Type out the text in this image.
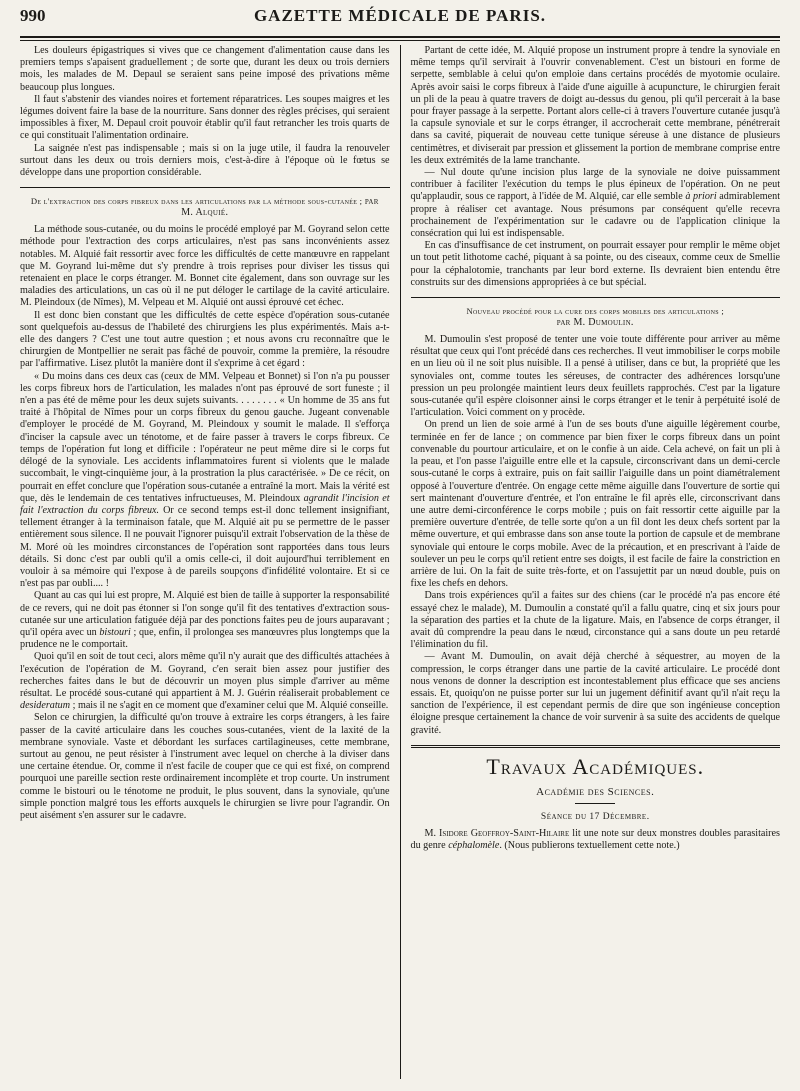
990	GAZETTE MÉDICALE DE PARIS.

Les douleurs épigastriques si vives que ce changement d'alimentation cause dans les premiers temps s'apaisent graduellement ; de sorte que, durant les deux ou trois derniers mois, les malades de M. Depaul se seraient sans peine imposé des privations même beaucoup plus longues.

Il faut s'abstenir des viandes noires et fortement réparatrices. Les soupes maigres et les légumes doivent faire la base de la nourriture. Sans donner des règles précises, qui seraient impossibles à fixer, M. Depaul croit pouvoir établir qu'il faut retrancher les trois quarts de ce qui constituait l'alimentation ordinaire.

La saignée n'est pas indispensable ; mais si on la juge utile, il faudra la renouveler surtout dans les deux ou trois derniers mois, c'est-à-dire à l'époque où le fœtus se développe dans une proportion considérable.

De l'extraction des corps fibreux dans les articulations par la méthode sous-cutanée ; par M. Alquié.

La méthode sous-cutanée, ou du moins le procédé employé par M. Goyrand selon cette méthode pour l'extraction des corps articulaires, n'est pas sans inconvénients assez notables. M. Alquié fait ressortir avec force les difficultés de cette manœuvre en rappelant que M. Goyrand lui-même dut s'y prendre à trois reprises pour diviser les tissus qui retenaient en place le corps étranger. M. Bonnet cite également, dans son ouvrage sur les maladies des articulations, un cas où il ne put déloger le cartilage de la cavité articulaire. M. Pleindoux (de Nîmes), M. Velpeau et M. Alquié ont aussi éprouvé cet échec.

Il est donc bien constant que les difficultés de cette espèce d'opération sous-cutanée sont quelquefois au-dessus de l'habileté des chirurgiens les plus expérimentés. Mais a-t-elle des dangers ? C'est une tout autre question ; et nous avons cru reconnaître que le chirurgien de Montpellier ne serait pas fâché de pouvoir, comme la première, la résoudre par l'affirmative. Lisez plutôt la manière dont il s'exprime à cet égard :

« Du moins dans ces deux cas (ceux de MM. Velpeau et Bonnet) si l'on n'a pu pousser les corps fibreux hors de l'articulation, les malades n'ont pas éprouvé de sort funeste ; il n'en a pas été de même pour les deux sujets suivants. . . . . . . . « Un homme de 35 ans fut traité à l'hôpital de Nîmes pour un corps fibreux du genou gauche. Jugeant convenable d'employer le procédé de M. Goyrand, M. Pleindoux y soumit le malade. Il s'efforça d'inciser la capsule avec un ténotome, et de faire passer à travers le corps fibreux. Ce temps de l'opération fut long et difficile : l'opérateur ne peut même dire si le corps fut délogé de la synoviale. Les accidents inflammatoires furent si violents que le malade succombait, le vingt-cinquième jour, à la prostration la plus caractérisée. » De ce récit, on pourrait en effet conclure que l'opération sous-cutanée a entraîné la mort. Mais la vérité est que, dès le lendemain de ces tentatives infructueuses, M. Pleindoux agrandit l'incision et fait l'extraction du corps fibreux. Or ce second temps est-il donc tellement insignifiant, tellement étranger à la terminaison fatale, que M. Alquié ait pu se permettre de le passer entièrement sous silence. Il ne pouvait l'ignorer puisqu'il extrait l'observation de la thèse de M. Moré où les moindres circonstances de l'opération sont rapportées dans tous leurs détails. Si donc c'est par oubli qu'il a omis celle-ci, il doit aujourd'hui terriblement en vouloir à sa mémoire qui l'expose à de pareils soupçons d'infidélité volontaire. Et si ce n'est pas par oubli.... !

Quant au cas qui lui est propre, M. Alquié est bien de taille à supporter la responsabilité de ce revers, qui ne doit pas étonner si l'on songe qu'il fit des tentatives d'extraction sous-cutanée sur une articulation fatiguée déjà par des ponctions faites peu de jours auparavant ; qu'il opéra avec un bistouri ; que, enfin, il prolongea ses manœuvres plus longtemps que la prudence ne le comportait.

Quoi qu'il en soit de tout ceci, alors même qu'il n'y aurait que des difficultés attachées à l'exécution de l'opération de M. Goyrand, c'en serait bien assez pour justifier des recherches faites dans le but de découvrir un moyen plus simple d'arriver au même résultat. Le procédé sous-cutané qui appartient à M. J. Guérin réaliserait probablement ce desideratum ; mais il ne s'agit en ce moment que d'examiner celui que M. Alquié conseille.

Selon ce chirurgien, la difficulté qu'on trouve à extraire les corps étrangers, à les faire passer de la cavité articulaire dans les couches sous-cutanées, vient de la laxité de la membrane synoviale. Vaste et débordant les surfaces cartilagineuses, cette membrane, surtout au genou, ne peut résister à l'instrument avec lequel on cherche à la diviser dans une certaine étendue. Or, comme il n'est facile de couper que ce qui est fixé, on comprend pourquoi une pareille section reste ordinairement incomplète et trop courte. Un instrument comme le bistouri ou le ténotome ne produit, le plus souvent, dans la synoviale, qu'une simple ponction malgré tous les efforts auxquels le chirurgien se livre pour l'agrandir. On peut aisément s'en assurer sur le cadavre.

Partant de cette idée, M. Alquié propose un instrument propre à tendre la synoviale en même temps qu'il servirait à l'ouvrir convenablement. C'est un bistouri en forme de serpette, semblable à celui qu'on emploie dans certains procédés de myotomie oculaire. Après avoir saisi le corps fibreux à l'aide d'une aiguille à acupuncture, le chirurgien ferait un pli de la peau à quatre travers de doigt au-dessus du genou, pli qu'il percerait à la base pour frayer passage à la serpette. Portant alors celle-ci à travers l'ouverture cutanée jusqu'à la capsule synoviale et sur le corps étranger, il accrocherait cette membrane, pénétrerait dans sa cavité, piquerait de nouveau cette tunique séreuse à une distance de plusieurs centimètres, et diviserait par pression et glissement la portion de membrane comprise entre les deux extrémités de la lame tranchante.

— Nul doute qu'une incision plus large de la synoviale ne doive puissamment contribuer à faciliter l'exécution du temps le plus épineux de l'opération. On ne peut qu'applaudir, sous ce rapport, à l'idée de M. Alquié, car elle semble à priori admirablement propre à réaliser cet avantage. Nous présumons par conséquent qu'elle recevra prochainement de l'expérimentation sur le cadavre ou de l'application clinique la consécration qui lui est indispensable.

En cas d'insuffisance de cet instrument, on pourrait essayer pour remplir le même objet un tout petit lithotome caché, piquant à sa pointe, ou des ciseaux, comme ceux de Smellie pour la céphalotomie, tranchants par leur bord externe. Ils devraient bien entendu être construits sur des dimensions appropriées à ce but spécial.

Nouveau procédé pour la cure des corps mobiles des articulations ;
par M. Dumoulin.

M. Dumoulin s'est proposé de tenter une voie toute différente pour arriver au même résultat que ceux qui l'ont précédé dans ces recherches. Il veut immobiliser le corps mobile en un lieu où il ne soit plus nuisible. Il a pensé à utiliser, dans ce but, la propriété que les synoviales ont, comme toutes les séreuses, de contracter des adhérences lorsqu'une pression un peu prolongée maintient leurs deux feuillets rapprochés. C'est par la ligature sous-cutanée qu'il espère cloisonner ainsi le corps étranger et le tenir à perpétuité isolé de l'articulation. Voici comment on y procède.

On prend un lien de soie armé à l'un de ses bouts d'une aiguille légèrement courbe, terminée en fer de lance ; on commence par bien fixer le corps fibreux dans un point convenable du pourtour articulaire, et on le confie à un aide. Cela achevé, on fait un pli à la peau, et l'on passe l'aiguille entre elle et la capsule, circonscrivant dans un demi-cercle sous-cutané le corps à extraire, puis on fait saillir l'aiguille dans un point diamétralement opposé à l'ouverture d'entrée. On engage cette même aiguille dans l'ouverture de sortie qui sert maintenant d'ouverture d'entrée, et l'on entraîne le fil après elle, circonscrivant dans une autre demi-circonférence le corps mobile ; puis on fait ressortir cette aiguille par la première ouverture d'entrée, de telle sorte qu'on a un fil dont les deux chefs sortent par la même ouverture, et qui embrasse dans son anse toute la portion de capsule et de membrane synoviale qui entoure le corps mobile. Avec de la précaution, et en prescrivant à l'aide de soulever un peu le corps qu'il retient entre ses doigts, il est facile de faire la constriction en arrière de lui. On la fait de suite très-forte, et on l'assujettit par un nœud double, puis on fixe les chefs en dehors.

Dans trois expériences qu'il a faites sur des chiens (car le procédé n'a pas encore été essayé chez le malade), M. Dumoulin a constaté qu'il a fallu quatre, cinq et six jours pour la séparation des parties et la chute de la ligature. Mais, en l'absence de corps étranger, il avait dû comprendre la peau dans le nœud, circonstance qui a sans doute un peu retardé l'élimination du fil.

— Avant M. Dumoulin, on avait déjà cherché à séquestrer, au moyen de la compression, le corps étranger dans une partie de la cavité articulaire. Le procédé dont nous venons de donner la description est incontestablement plus efficace que ses anciens essais. Et, quoiqu'on ne puisse porter sur lui un jugement définitif avant qu'il n'ait reçu la sanction de l'expérience, il est cependant permis de dire que son ingénieuse conception éloigne presque certainement la chance de voir survenir à sa suite des accidents de quelque gravité.

Travaux Académiques.
Académie des Sciences.
Séance du 17 Décembre.

M. Isidore Geoffroy-Saint-Hilaire lit une note sur deux monstres doubles parasitaires du genre céphalomèle. (Nous publierons textuellement cette note.)
